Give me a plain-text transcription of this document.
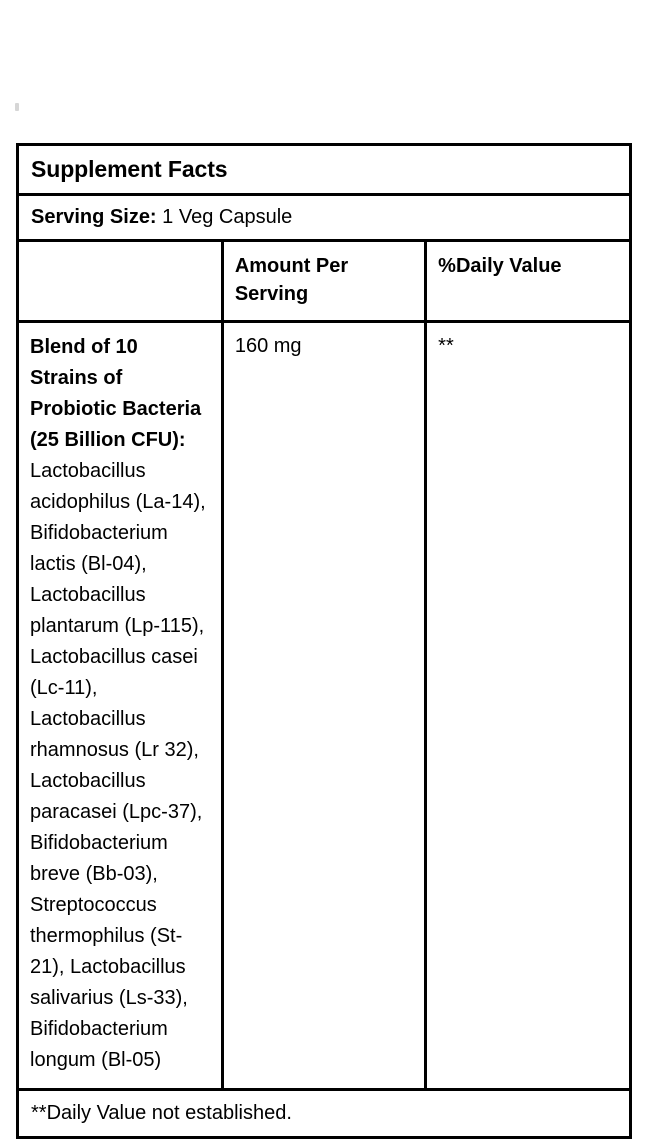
Supplement Facts		

Serving Size: 1 Veg Capsule		

	Amount Per Serving	%Daily Value

Blend of 10 Strains of Probiotic Bacteria (25 Billion CFU):
Lactobacillus acidophilus (La-14), Bifidobacterium lactis (Bl-04), Lactobacillus plantarum (Lp-115), Lactobacillus casei (Lc-11), Lactobacillus rhamnosus (Lr 32), Lactobacillus paracasei (Lpc-37), Bifidobacterium breve (Bb-03), Streptococcus thermophilus (St-21), Lactobacillus salivarius (Ls-33), Bifidobacterium longum (Bl-05)	160 mg	**

**Daily Value not established.		
